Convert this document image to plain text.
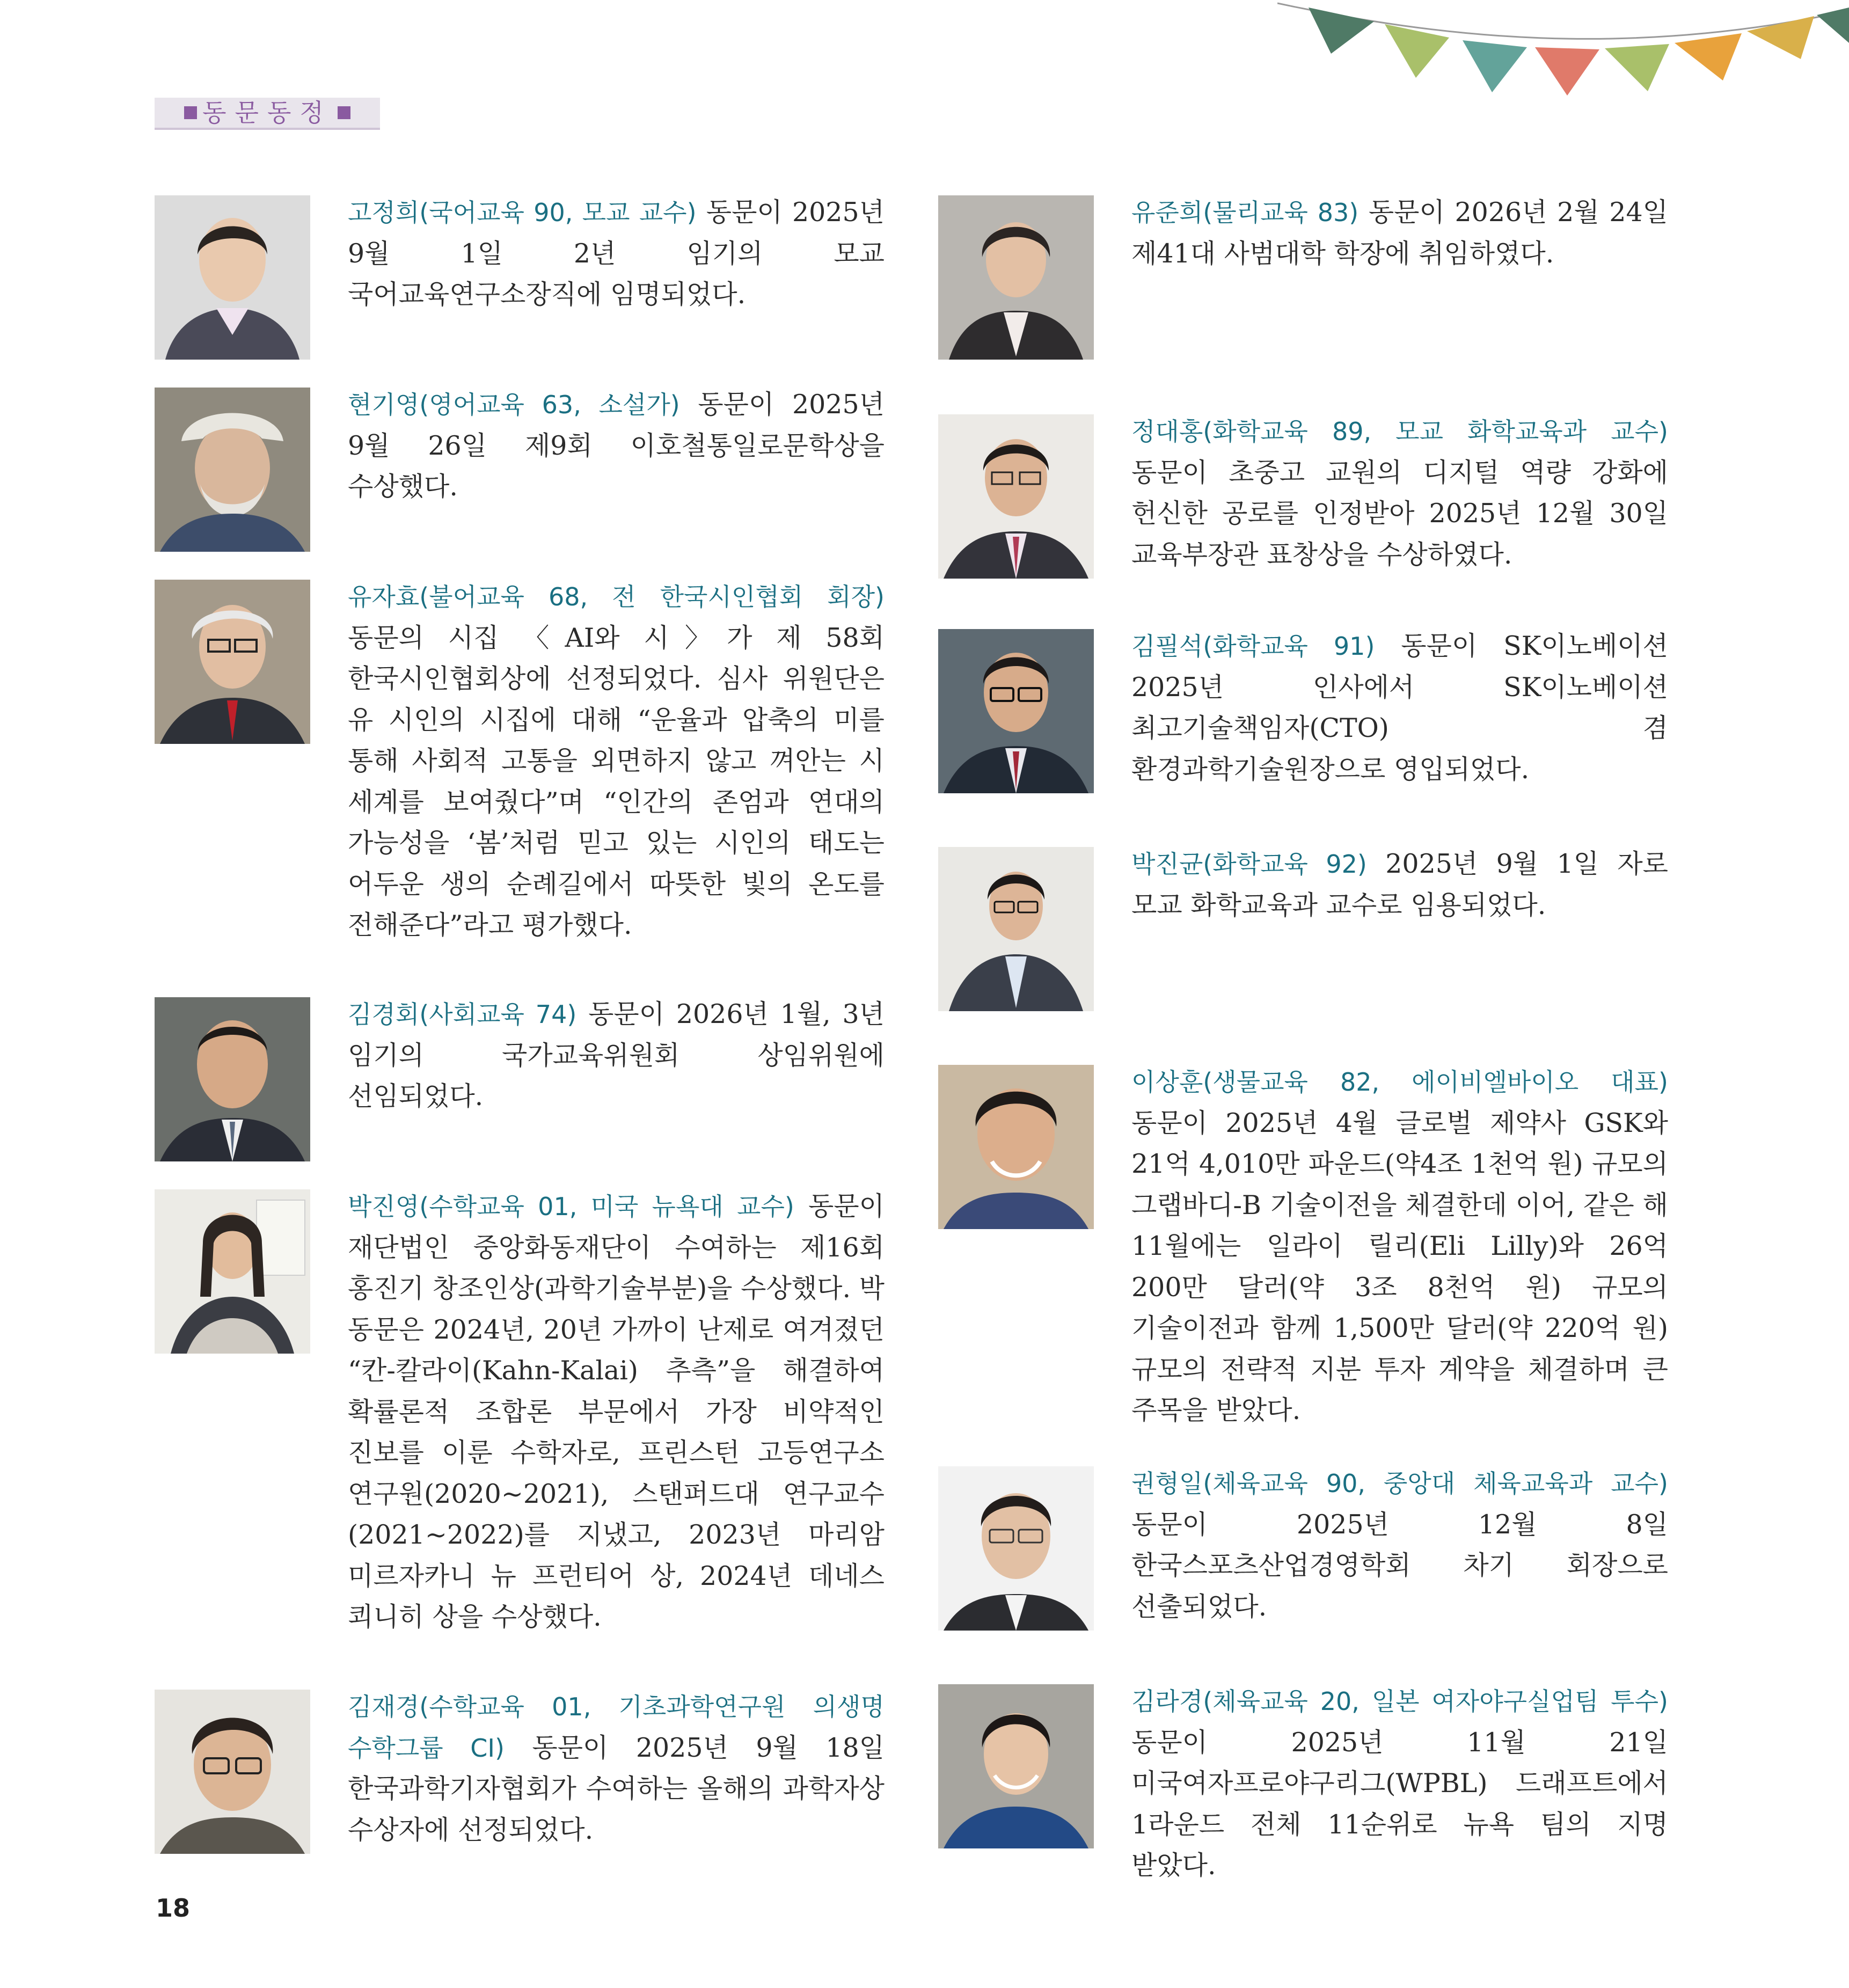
동문동정
고정희(국어교육 90, 모교 교수) 동문이 2025년 9월 1일 2년 임기의 모교 국어교육연구소장직에 임명되었다.
현기영(영어교육 63, 소설가) 동문이 2025년 9월 26일 제9회 이호철통일로문학상을 수상했다.
유자효(불어교육 68, 전 한국시인협회 회장) 동문의 시집 〈AI와 시〉가 제 58회 한국시인협회상에 선정되었다. 심사 위원단은 유 시인의 시집에 대해 “운율과 압축의 미를 통해 사회적 고통을 외면하지 않고 껴안는 시 세계를 보여줬다”며 “인간의 존엄과 연대의 가능성을 ‘봄’처럼 믿고 있는 시인의 태도는 어두운 생의 순례길에서 따뜻한 빛의 온도를 전해준다”라고 평가했다.
김경회(사회교육 74) 동문이 2026년 1월, 3년 임기의 국가교육위원회 상임위원에 선임되었다.
박진영(수학교육 01, 미국 뉴욕대 교수) 동문이 재단법인 중앙화동재단이 수여하는 제16회 홍진기 창조인상(과학기술부분)을 수상했다. 박 동문은 2024년, 20년 가까이 난제로 여겨졌던 “칸-칼라이(Kahn-Kalai) 추측”을 해결하여 확률론적 조합론 부문에서 가장 비약적인 진보를 이룬 수학자로, 프린스턴 고등연구소 연구원(2020~2021), 스탠퍼드대 연구교수(2021~2022)를 지냈고, 2023년 마리암 미르자카니 뉴 프런티어 상, 2024년 데네스 쾨니히 상을 수상했다.
김재경(수학교육 01, 기초과학연구원 의생명 수학그룹 CI) 동문이 2025년 9월 18일 한국과학기자협회가 수여하는 올해의 과학자상 수상자에 선정되었다.
유준희(물리교육 83) 동문이 2026년 2월 24일 제41대 사범대학 학장에 취임하였다.
정대홍(화학교육 89, 모교 화학교육과 교수) 동문이 초중고 교원의 디지털 역량 강화에 헌신한 공로를 인정받아 2025년 12월 30일 교육부장관 표창상을 수상하였다.
김필석(화학교육 91) 동문이 SK이노베이션 2025년 인사에서 SK이노베이션 최고기술책임자(CTO) 겸 환경과학기술원장으로 영입되었다.
박진균(화학교육 92) 2025년 9월 1일 자로 모교 화학교육과 교수로 임용되었다.
이상훈(생물교육 82, 에이비엘바이오 대표) 동문이 2025년 4월 글로벌 제약사 GSK와 21억 4,010만 파운드(약4조 1천억 원) 규모의 그랩바디-B 기술이전을 체결한데 이어, 같은 해 11월에는 일라이 릴리(Eli Lilly)와 26억 200만 달러(약 3조 8천억 원) 규모의 기술이전과 함께 1,500만 달러(약 220억 원) 규모의 전략적 지분 투자 계약을 체결하며 큰 주목을 받았다.
권형일(체육교육 90, 중앙대 체육교육과 교수) 동문이 2025년 12월 8일 한국스포츠산업경영학회 차기 회장으로 선출되었다.
김라경(체육교육 20, 일본 여자야구실업팀 투수) 동문이 2025년 11월 21일 미국여자프로야구리그(WPBL) 드래프트에서 1라운드 전체 11순위로 뉴욕 팀의 지명 받았다.
18
